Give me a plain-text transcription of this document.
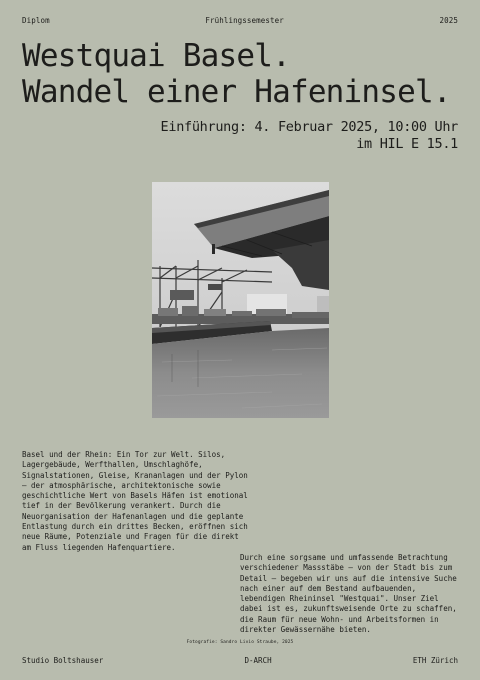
Diplom	Frühlingssemester	2025
Westquai Basel.
Wandel einer Hafeninsel.
Einführung: 4. Februar 2025, 10:00 Uhr
im HIL E 15.1

Basel und der Rhein: Ein Tor zur Welt. Silos, Lagergebäude, Werfthallen, Umschlaghöfe, Signalstationen, Gleise, Krananlagen und der Pylon – der atmosphärische, architektonische sowie geschichtliche Wert von Basels Häfen ist emotional tief in der Bevölkerung verankert. Durch die Neuorganisation der Hafenanlagen und die geplante Entlastung durch ein drittes Becken, eröffnen sich neue Räume, Potenziale und Fragen für die direkt am Fluss liegenden Hafenquartiere.

Durch eine sorgsame und umfassende Betrachtung verschiedener Massstäbe – von der Stadt bis zum Detail – begeben wir uns auf die intensive Suche nach einer auf dem Bestand aufbauenden, lebendigen Rheininsel "Westquai". Unser Ziel dabei ist es, zukunftsweisende Orte zu schaffen, die Raum für neue Wohn- und Arbeitsformen in direkter Gewässernähe bieten.

Fotografie: Sandro Livio Straube, 2025
Studio Boltshauser	D-ARCH	ETH Zürich
